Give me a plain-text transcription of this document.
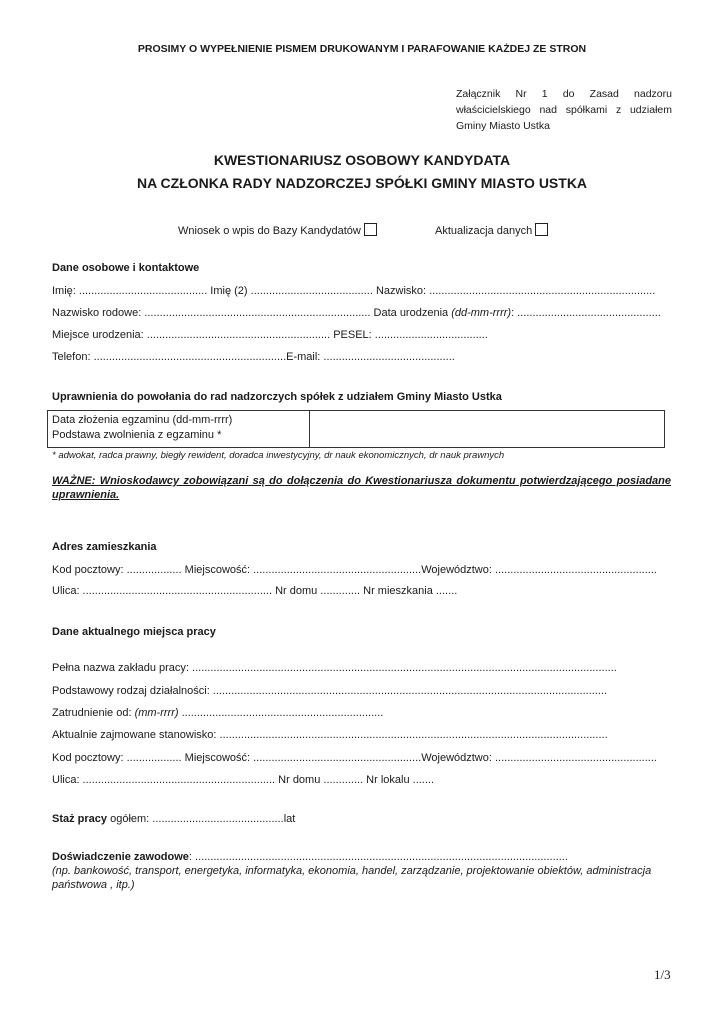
PROSIMY O WYPEŁNIENIE PISMEM DRUKOWANYM I PARAFOWANIE KAŻDEJ ZE STRON
Załącznik Nr 1 do Zasad nadzoru
właścicielskiego nad spółkami z udziałem
Gminy Miasto Ustka
KWESTIONARIUSZ OSOBOWY KANDYDATA
NA CZŁONKA RADY NADZORCZEJ SPÓŁKI GMINY MIASTO USTKA
Wniosek o wpis do Bazy Kandydatów	Aktualizacja danych
Dane osobowe i kontaktowe
Imię: .......................................... Imię (2) ........................................ Nazwisko: ..........................................................................
Nazwisko rodowe: .......................................................................... Data urodzenia (dd-mm-rrrr): ...............................................
Miejsce urodzenia: ............................................................ PESEL: .....................................
Telefon: ...............................................................E-mail: ...........................................
Uprawnienia do powołania do rad nadzorczych spółek z udziałem Gminy Miasto Ustka
Data złożenia egzaminu (dd-mm-rrrr)
Podstawa zwolnienia z egzaminu *

* adwokat, radca prawny, biegły rewident, doradca inwestycyjny, dr nauk ekonomicznych, dr nauk prawnych
WAŻNE: Wnioskodawcy zobowiązani są do dołączenia do Kwestionariusza dokumentu potwierdzającego posiadane
uprawnienia.
Adres zamieszkania
Kod pocztowy: .................. Miejscowość: .......................................................Województwo: .....................................................
Ulica: .............................................................. Nr domu ............. Nr mieszkania .......
Dane aktualnego miejsca pracy
Pełna nazwa zakładu pracy: ...........................................................................................................................................
Podstawowy rodzaj działalności: .................................................................................................................................
Zatrudnienie od: (mm-rrrr) ..................................................................
Aktualnie zajmowane stanowisko: ...............................................................................................................................
Kod pocztowy: .................. Miejscowość: .......................................................Województwo: .....................................................
Ulica: ............................................................... Nr domu ............. Nr lokalu .......
Staż pracy ogółem: ...........................................lat
Doświadczenie zawodowe: ..........................................................................................................................
(np. bankowość, transport, energetyka, informatyka, ekonomia, handel, zarządzanie, projektowanie obiektów, administracja
państwowa , itp.)
1/3
